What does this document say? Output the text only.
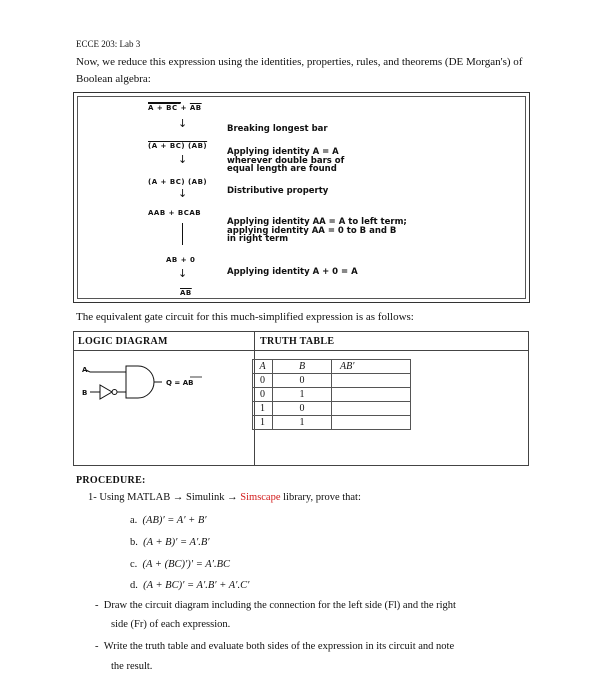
ECCE 203: Lab 3
Now, we reduce this expression using the identities, properties, rules, and theorems (DE Morgan's) of Boolean algebra:
A + BC + $\overline{AB}$
Breaking longest bar
↓
(A + BC) (AB)
Applying identity A = A wherever double bars of equal length are found
↓
(A + BC) (AB)
Distributive property
↓
AAB + BCAB
Applying identity AA = A to left term; applying identity AA = 0 to B and B in right term
AB + 0
Applying identity A + 0 = A
↓
$\overline{AB}$
The equivalent gate circuit for this much-simplified expression is as follows:
LOGIC DIAGRAM	TRUTH TABLE
A
B
Q = AB
A	B	AB'
0	0	
0	1	
1	0	
1	1	
PROCEDURE:
1- Using MATLAB → Simulink → Simscape library, prove that:
a. (AB)′ = A′ + B′
b. (A + B)′ = A′.B′
c. (A + (BC)′)′ = A′.BC
d. (A + BC)′ = A′.B′ + A′.C′
-  Draw the circuit diagram including the connection for the left side (Fl) and the right
side (Fr) of each expression.
-  Write the truth table and evaluate both sides of the expression in its circuit and note
the result.
